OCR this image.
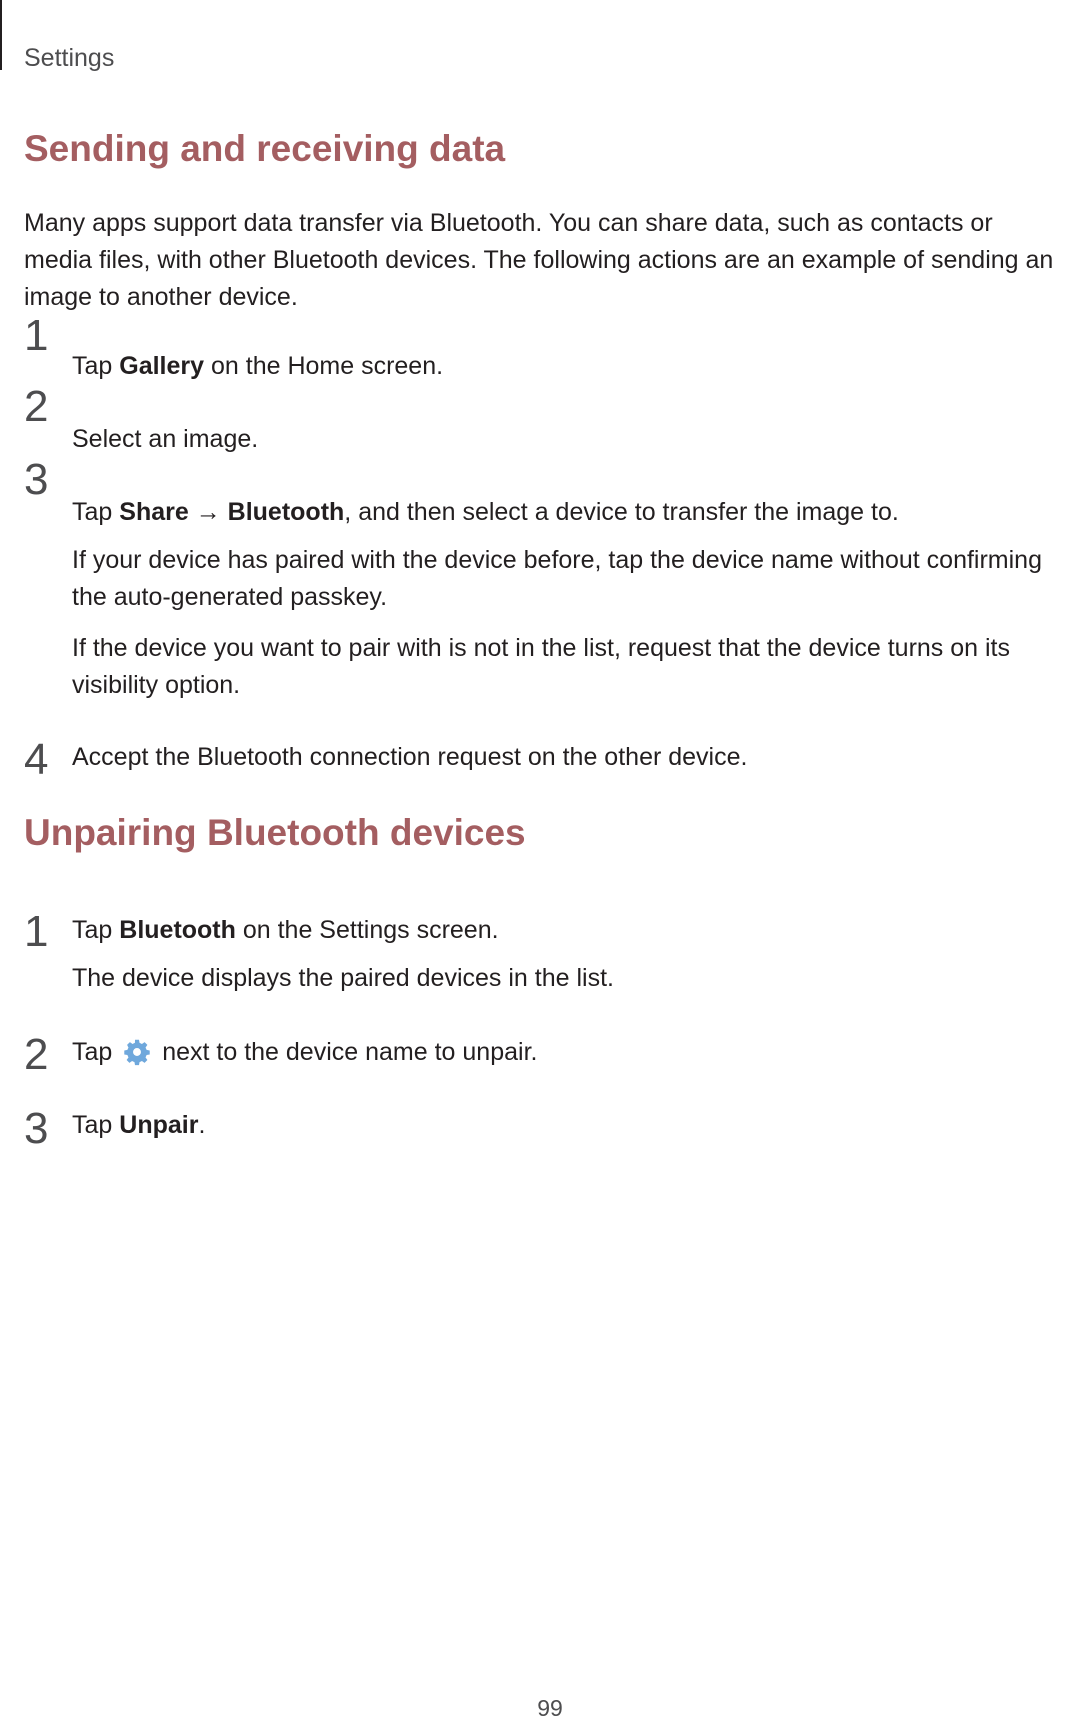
Settings
Sending and receiving data

Many apps support data transfer via Bluetooth. You can share data, such as contacts or media files, with other Bluetooth devices. The following actions are an example of sending an image to another device.

1

Tap Gallery on the Home screen.

2

Select an image.

3

Tap Share → Bluetooth, and then select a device to transfer the image to.

If your device has paired with the device before, tap the device name without confirming the auto-generated passkey.

If the device you want to pair with is not in the list, request that the device turns on its visibility option.

4 Accept the Bluetooth connection request on the other device.

Unpairing Bluetooth devices
1 Tap Bluetooth on the Settings screen.

The device displays the paired devices in the list.

2 Tap  next to the device name to unpair.

3 Tap Unpair.

99
